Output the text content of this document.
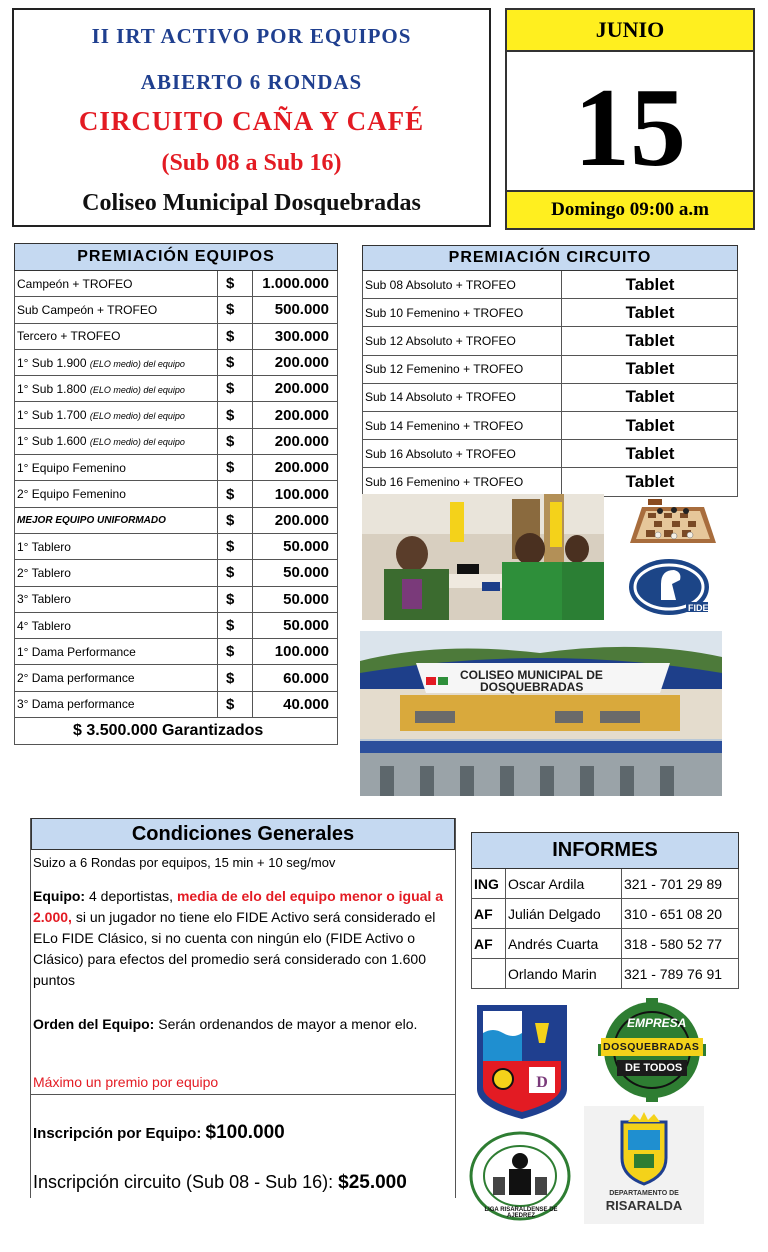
II IRT ACTIVO POR EQUIPOS
ABIERTO 6 RONDAS
CIRCUITO CAÑA Y CAFÉ
(Sub 08 a Sub 16)
Coliseo Municipal Dosquebradas
JUNIO
15
Domingo 09:00 a.m
PREMIACIÓN EQUIPOS		
Campeón + TROFEO	$	1.000.000
Sub Campeón + TROFEO	$	500.000
Tercero + TROFEO	$	300.000
1° Sub 1.900 (ELO medio) del equipo	$	200.000
1° Sub 1.800 (ELO medio) del equipo	$	200.000
1° Sub 1.700 (ELO medio) del equipo	$	200.000
1° Sub 1.600 (ELO medio) del equipo	$	200.000
1° Equipo Femenino	$	200.000
2° Equipo Femenino	$	100.000
MEJOR EQUIPO UNIFORMADO	$	200.000
1° Tablero	$	50.000
2° Tablero	$	50.000
3° Tablero	$	50.000
4° Tablero	$	50.000
1° Dama Performance	$	100.000
2° Dama performance	$	60.000
3° Dama performance	$	40.000
$ 3.500.000 Garantizados		
PREMIACIÓN CIRCUITO	
Sub 08 Absoluto + TROFEO	Tablet
Sub 10 Femenino + TROFEO	Tablet
Sub 12 Absoluto + TROFEO	Tablet
Sub 12 Femenino + TROFEO	Tablet
Sub 14 Absoluto + TROFEO	Tablet
Sub 14 Femenino + TROFEO	Tablet
Sub 16 Absoluto + TROFEO	Tablet
Sub 16 Femenino + TROFEO	Tablet
FIDE
COLISEO MUNICIPAL DE
DOSQUEBRADAS
Condiciones Generales
Suizo a 6 Rondas por equipos, 15 min + 10 seg/mov
Equipo: 4 deportistas, media de elo del equipo menor o igual a 2.000, si un jugador no tiene elo FIDE Activo será considerado el ELo FIDE Clásico, si no cuenta con ningún elo (FIDE Activo o Clásico) para efectos del promedio será considerado con 1.600 puntos
Orden del Equipo: Serán ordenandos de mayor a menor elo.
Máximo un premio por equipo
Inscripción por Equipo: $100.000
Inscripción circuito (Sub 08 - Sub 16): $25.000
INFORMES		
ING	Oscar Ardila	321 - 701 29 89
AF	Julián Delgado	310 - 651 08 20
AF	Andrés Cuarta	318 - 580 52 77
	Orlando Marin	321 - 789 76 91
D
EMPRESA
DOSQUEBRADAS
DE TODOS
LIGA RISARALDENSE DE AJEDREZ
DEPARTAMENTO DE
RISARALDA
